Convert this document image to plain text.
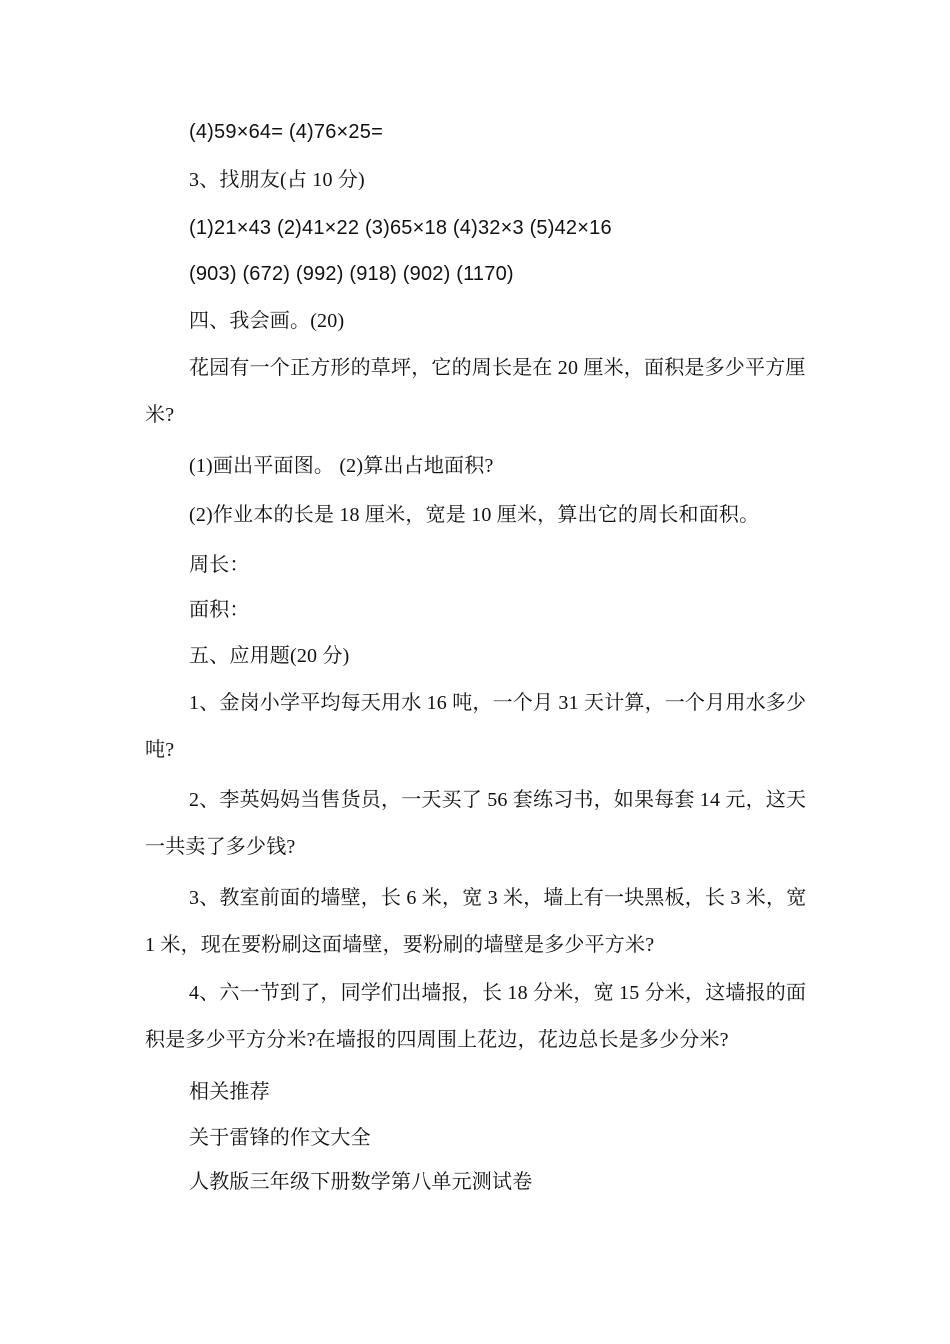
(4)59×64= (4)76×25=
3、找朋友(占 10 分)
(1)21×43 (2)41×22 (3)65×18 (4)32×3 (5)42×16
(903) (672) (992) (918) (902) (1170)
四、我会画。(20)
花园有一个正方形的草坪，它的周长是在 20 厘米，面积是多少平方厘米?
(1)画出平面图。 (2)算出占地面积?
(2)作业本的长是 18 厘米，宽是 10 厘米，算出它的周长和面积。
周长：
面积：
五、应用题(20 分)
1、金岗小学平均每天用水 16 吨，一个月 31 天计算，一个月用水多少吨?
2、李英妈妈当售货员，一天买了 56 套练习书，如果每套 14 元，这天一共卖了多少钱?
3、教室前面的墙壁，长 6 米，宽 3 米，墙上有一块黑板，长 3 米，宽 1 米，现在要粉刷这面墙壁，要粉刷的墙壁是多少平方米?
4、六一节到了，同学们出墙报，长 18 分米，宽 15 分米，这墙报的面积是多少平方分米?在墙报的四周围上花边，花边总长是多少分米?
相关推荐
关于雷锋的作文大全
人教版三年级下册数学第八单元测试卷
